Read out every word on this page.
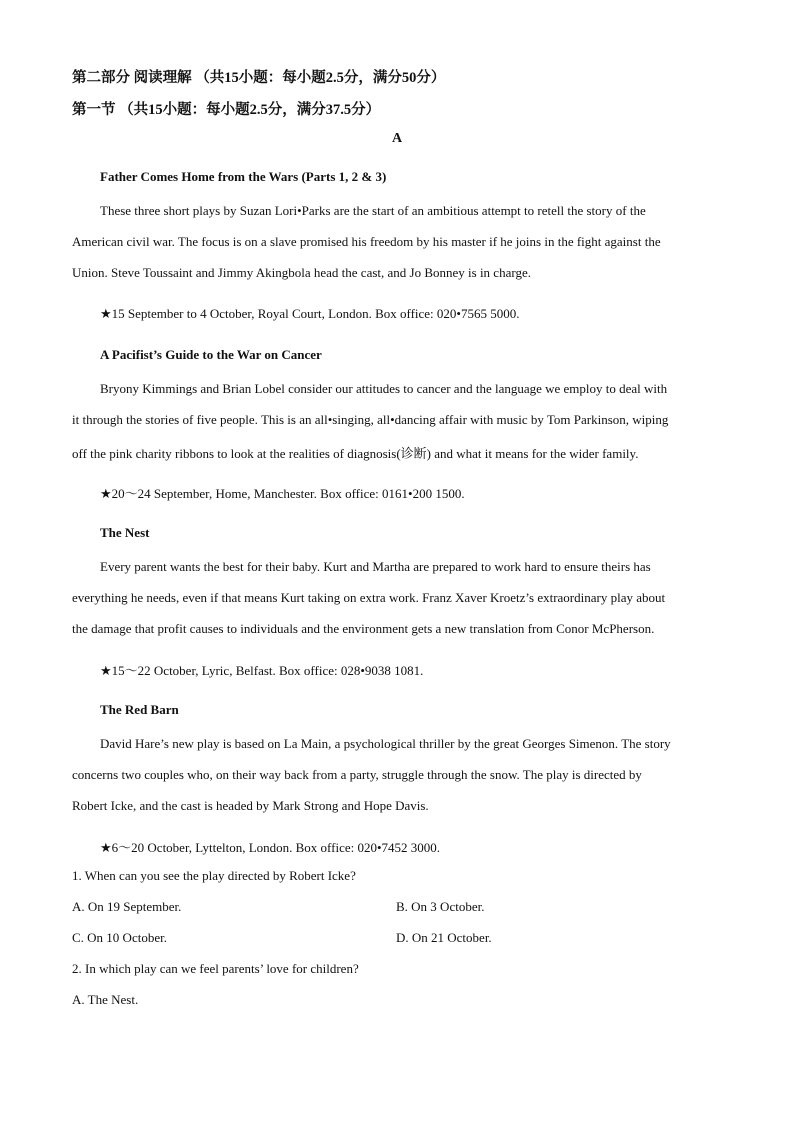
第二部分 阅读理解 （共15小题：每小题2.5分，满分50分）
第一节 （共15小题：每小题2.5分，满分37.5分）
A
Father Comes Home from the Wars (Parts 1, 2 & 3)
These three short plays by Suzan Lori•Parks are the start of an ambitious attempt to retell the story of the
American civil war. The focus is on a slave promised his freedom by his master if he joins in the fight against the
Union. Steve Toussaint and Jimmy Akingbola head the cast, and Jo Bonney is in charge.
★15 September to 4 October, Royal Court, London. Box office: 020•7565 5000.
A Pacifist’s Guide to the War on Cancer
Bryony Kimmings and Brian Lobel consider our attitudes to cancer and the language we employ to deal with
it through the stories of five people. This is an all•singing, all•dancing affair with music by Tom Parkinson, wiping
off the pink charity ribbons to look at the realities of diagnosis(诊断) and what it means for the wider family.
★20～24 September, Home, Manchester. Box office: 0161•200 1500.
The Nest
Every parent wants the best for their baby. Kurt and Martha are prepared to work hard to ensure theirs has
everything he needs, even if that means Kurt taking on extra work. Franz Xaver Kroetz’s extraordinary play about
the damage that profit causes to individuals and the environment gets a new translation from Conor McPherson.
★15～22 October, Lyric, Belfast. Box office: 028•9038 1081.
The Red Barn
David Hare’s new play is based on La Main, a psychological thriller by the great Georges Simenon. The story
concerns two couples who, on their way back from a party, struggle through the snow. The play is directed by
Robert Icke, and the cast is headed by Mark Strong and Hope Davis.
★6～20 October, Lyttelton, London. Box office: 020•7452 3000.
1. When can you see the play directed by Robert Icke?
A. On 19 September.	B. On 3 October.
C. On 10 October.	D. On 21 October.
2. In which play can we feel parents’ love for children?
A. The Nest.
